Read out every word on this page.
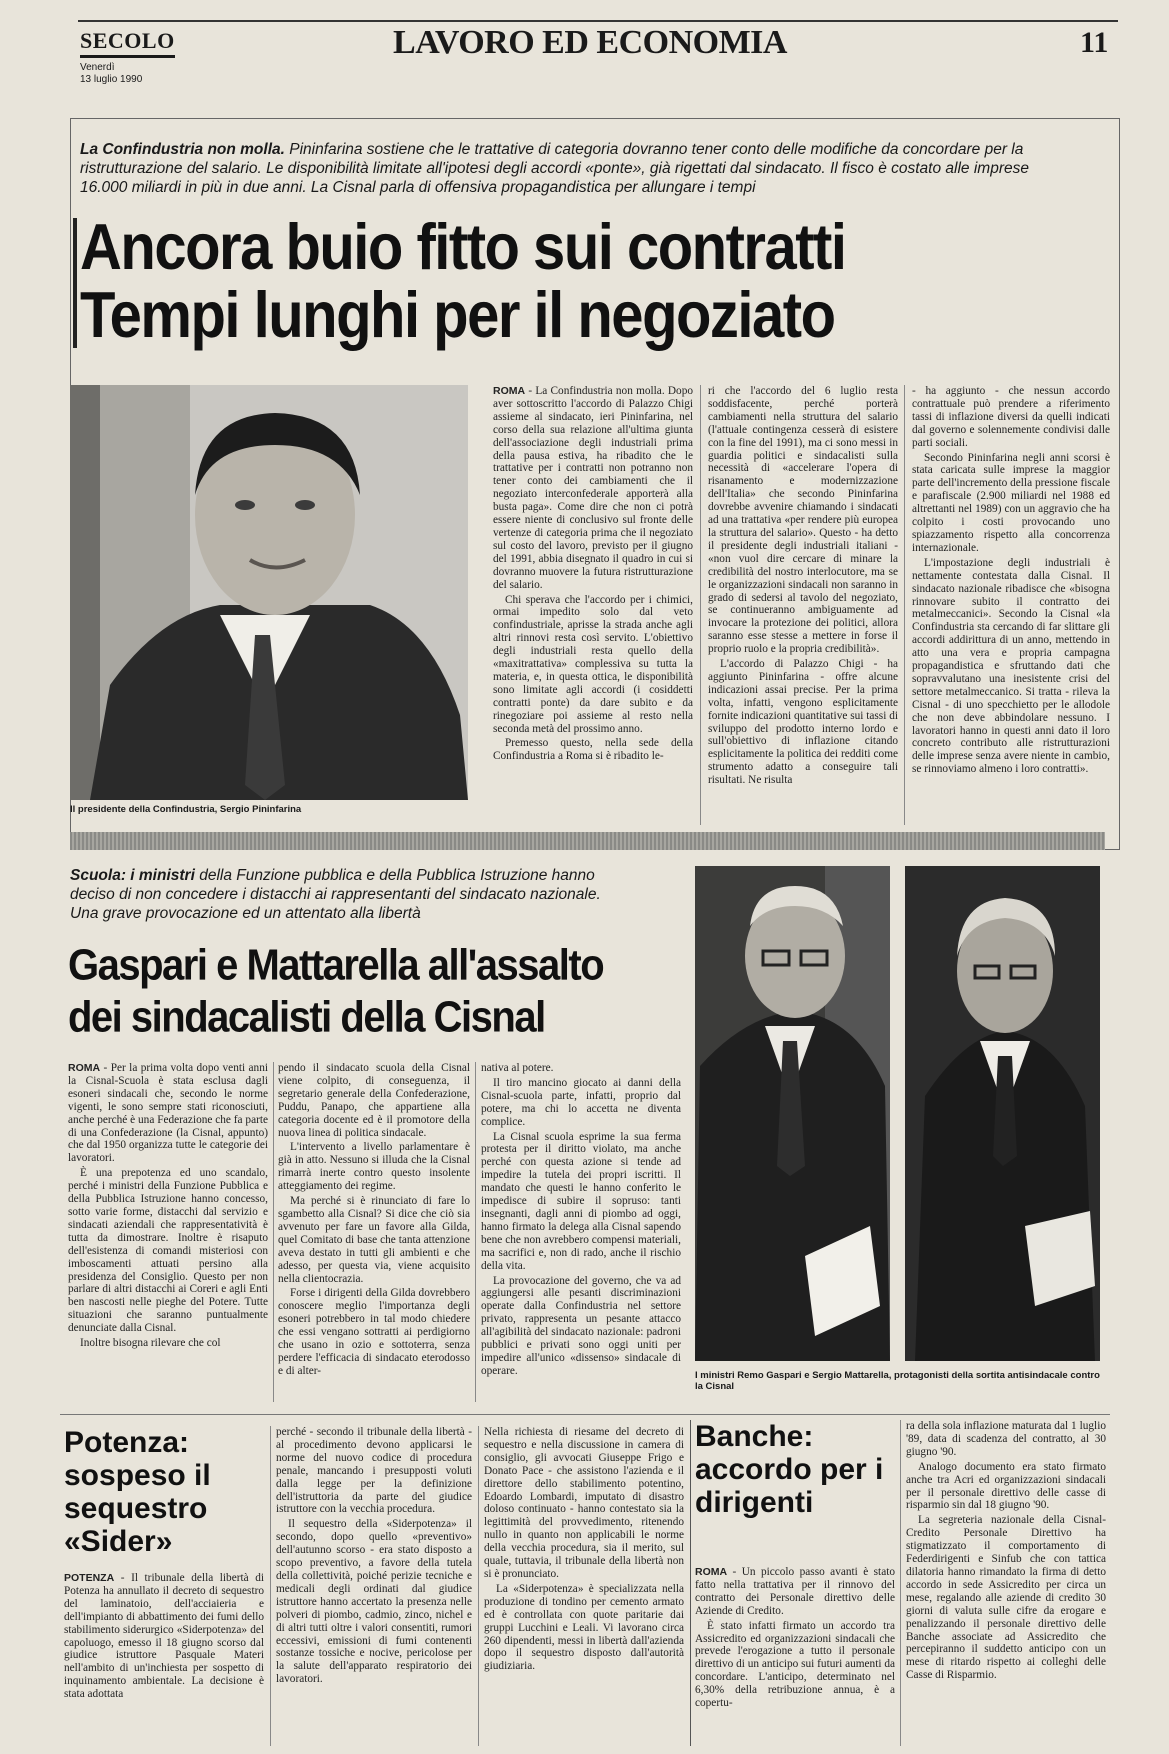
SECOLO
Venerdì
13 luglio 1990
LAVORO ED ECONOMIA	11
La Confindustria non molla. Pininfarina sostiene che le trattative di categoria dovranno tener conto delle modifiche da concordare per la ristrutturazione del salario. Le disponibilità limitate all'ipotesi degli accordi «ponte», già rigettati dal sindacato. Il fisco è costato alle imprese 16.000 miliardi in più in due anni. La Cisnal parla di offensiva propagandistica per allungare i tempi
Ancora buio fitto sui contratti
Tempi lunghi per il negoziato
Il presidente della Confindustria, Sergio Pininfarina

ROMA - La Confindustria non molla. Dopo aver sottoscritto l'accordo di Palazzo Chigi assieme al sindacato, ieri Pininfarina, nel corso della sua relazione all'ultima giunta dell'associazione degli industriali prima della pausa estiva, ha ribadito che le trattative per i contratti non potranno non tener conto dei cambiamenti che il negoziato interconfederale apporterà alla busta paga». Come dire che non ci potrà essere niente di conclusivo sul fronte delle vertenze di categoria prima che il negoziato sul costo del lavoro, previsto per il giugno del 1991, abbia disegnato il quadro in cui si dovranno muovere la futura ristrutturazione del salario.

Chi sperava che l'accordo per i chimici, ormai impedito solo dal veto confindustriale, aprisse la strada anche agli altri rinnovi resta così servito. L'obiettivo degli industriali resta quello della «maxitrattativa» complessiva su tutta la materia, e, in questa ottica, le disponibilità sono limitate agli accordi (i cosiddetti contratti ponte) da dare subito e da rinegoziare poi assieme al resto nella seconda metà del prossimo anno.

Premesso questo, nella sede della Confindustria a Roma si è ribadito le-

ri che l'accordo del 6 luglio resta soddisfacente, perché porterà cambiamenti nella struttura del salario (l'attuale contingenza cesserà di esistere con la fine del 1991), ma ci sono messi in guardia politici e sindacalisti sulla necessità di «accelerare l'opera di risanamento e modernizzazione dell'Italia» che secondo Pininfarina dovrebbe avvenire chiamando i sindacati ad una trattativa «per rendere più europea la struttura del salario». Questo - ha detto il presidente degli industriali italiani - «non vuol dire cercare di minare la credibilità del nostro interlocutore, ma se le organizzazioni sindacali non saranno in grado di sedersi al tavolo del negoziato, se continueranno ambiguamente ad invocare la protezione dei politici, allora saranno esse stesse a mettere in forse il proprio ruolo e la propria credibilità».

L'accordo di Palazzo Chigi - ha aggiunto Pininfarina - offre alcune indicazioni assai precise. Per la prima volta, infatti, vengono esplicitamente fornite indicazioni quantitative sui tassi di sviluppo del prodotto interno lordo e sull'obiettivo di inflazione citando esplicitamente la politica dei redditi come strumento adatto a conseguire tali risultati. Ne risulta

- ha aggiunto - che nessun accordo contrattuale può prendere a riferimento tassi di inflazione diversi da quelli indicati dal governo e solennemente condivisi dalle parti sociali.

Secondo Pininfarina negli anni scorsi è stata caricata sulle imprese la maggior parte dell'incremento della pressione fiscale e parafiscale (2.900 miliardi nel 1988 ed altrettanti nel 1989) con un aggravio che ha colpito i costi provocando uno spiazzamento rispetto alla concorrenza internazionale.

L'impostazione degli industriali è nettamente contestata dalla Cisnal. Il sindacato nazionale ribadisce che «bisogna rinnovare subito il contratto dei metalmeccanici». Secondo la Cisnal «la Confindustria sta cercando di far slittare gli accordi addirittura di un anno, mettendo in atto una vera e propria campagna propagandistica e sfruttando dati che sopravvalutano una inesistente crisi del settore metalmeccanico. Si tratta - rileva la Cisnal - di uno specchietto per le allodole che non deve abbindolare nessuno. I lavoratori hanno in questi anni dato il loro concreto contributo alle ristrutturazioni delle imprese senza avere niente in cambio, se rinnoviamo almeno i loro contratti».

Scuola: i ministri della Funzione pubblica e della Pubblica Istruzione hanno deciso di non concedere i distacchi ai rappresentanti del sindacato nazionale. Una grave provocazione ed un attentato alla libertà
Gaspari e Mattarella all'assalto
dei sindacalisti della Cisnal

ROMA - Per la prima volta dopo venti anni la Cisnal-Scuola è stata esclusa dagli esoneri sindacali che, secondo le norme vigenti, le sono sempre stati riconosciuti, anche perché è una Federazione che fa parte di una Confederazione (la Cisnal, appunto) che dal 1950 organizza tutte le categorie dei lavoratori.

È una prepotenza ed uno scandalo, perché i ministri della Funzione Pubblica e della Pubblica Istruzione hanno concesso, sotto varie forme, distacchi dal servizio e sindacati aziendali che rappresentatività è tutta da dimostrare. Inoltre è risaputo dell'esistenza di comandi misteriosi con imboscamenti attuati persino alla presidenza del Consiglio. Questo per non parlare di altri distacchi ai Coreri e agli Enti ben nascosti nelle pieghe del Potere. Tutte situazioni che saranno puntualmente denunciate dalla Cisnal.

Inoltre bisogna rilevare che col

pendo il sindacato scuola della Cisnal viene colpito, di conseguenza, il segretario generale della Confederazione, Puddu, Panapo, che appartiene alla categoria docente ed è il promotore della nuova linea di politica sindacale.

L'intervento a livello parlamentare è già in atto. Nessuno si illuda che la Cisnal rimarrà inerte contro questo insolente atteggiamento dei regime.

Ma perché si è rinunciato di fare lo sgambetto alla Cisnal? Si dice che ciò sia avvenuto per fare un favore alla Gilda, quel Comitato di base che tanta attenzione aveva destato in tutti gli ambienti e che adesso, per questa via, viene acquisito nella clientocrazia.

Forse i dirigenti della Gilda dovrebbero conoscere meglio l'importanza degli esoneri potrebbero in tal modo chiedere che essi vengano sottratti ai perdigiorno che usano in ozio e sottoterra, senza perdere l'efficacia di sindacato eterodosso e di alter-

nativa al potere.

Il tiro mancino giocato ai danni della Cisnal-scuola parte, infatti, proprio dal potere, ma chi lo accetta ne diventa complice.

La Cisnal scuola esprime la sua ferma protesta per il diritto violato, ma anche perché con questa azione si tende ad impedire la tutela dei propri iscritti. Il mandato che questi le hanno conferito le impedisce di subire il sopruso: tanti insegnanti, dagli anni di piombo ad oggi, hanno firmato la delega alla Cisnal sapendo bene che non avrebbero compensi materiali, ma sacrifici e, non di rado, anche il rischio della vita.

La provocazione del governo, che va ad aggiungersi alle pesanti discriminazioni operate dalla Confindustria nel settore privato, rappresenta un pesante attacco all'agibilità del sindacato nazionale: padroni pubblici e privati sono oggi uniti per impedire all'unico «dissenso» sindacale di operare.	I ministri Remo Gaspari e Sergio Mattarella, protagonisti della sortita antisindacale contro la Cisnal
Potenza: sospeso il sequestro «Sider»

POTENZA - Il tribunale della libertà di Potenza ha annullato il decreto di sequestro del laminatoio, dell'acciaieria e dell'impianto di abbattimento dei fumi dello stabilimento siderurgico «Siderpotenza» del capoluogo, emesso il 18 giugno scorso dal giudice istruttore Pasquale Materi nell'ambito di un'inchiesta per sospetto di inquinamento ambientale. La decisione è stata adottata

perché - secondo il tribunale della libertà - al procedimento devono applicarsi le norme del nuovo codice di procedura penale, mancando i presupposti voluti dalla legge per la definizione dell'istruttoria da parte del giudice istruttore con la vecchia procedura.

Il sequestro della «Siderpotenza» il secondo, dopo quello «preventivo» dell'autunno scorso - era stato disposto a scopo preventivo, a favore della tutela della collettività, poiché perizie tecniche e medicali degli ordinati dal giudice istruttore hanno accertato la presenza nelle polveri di piombo, cadmio, zinco, nichel e di altri tutti oltre i valori consentiti, rumori eccessivi, emissioni di fumi contenenti sostanze tossiche e nocive, pericolose per la salute dell'apparato respiratorio dei lavoratori.

Nella richiesta di riesame del decreto di sequestro e nella discussione in camera di consiglio, gli avvocati Giuseppe Frigo e Donato Pace - che assistono l'azienda e il direttore dello stabilimento potentino, Edoardo Lombardi, imputato di disastro doloso continuato - hanno contestato sia la legittimità del provvedimento, ritenendo nullo in quanto non applicabili le norme della vecchia procedura, sia il merito, sul quale, tuttavia, il tribunale della libertà non si è pronunciato.

La «Siderpotenza» è specializzata nella produzione di tondino per cemento armato ed è controllata con quote paritarie dai gruppi Lucchini e Leali. Vi lavorano circa 260 dipendenti, messi in libertà dall'azienda dopo il sequestro disposto dall'autorità giudiziaria.

Banche: accordo per i dirigenti

ROMA - Un piccolo passo avanti è stato fatto nella trattativa per il rinnovo del contratto dei Personale direttivo delle Aziende di Credito.

È stato infatti firmato un accordo tra Assicredito ed organizzazioni sindacali che prevede l'erogazione a tutto il personale direttivo di un anticipo sui futuri aumenti da concordare. L'anticipo, determinato nel 6,30% della retribuzione annua, è a copertu-

ra della sola inflazione maturata dal 1 luglio '89, data di scadenza del contratto, al 30 giugno '90.

Analogo documento era stato firmato anche tra Acri ed organizzazioni sindacali per il personale direttivo delle casse di risparmio sin dal 18 giugno '90.

La segreteria nazionale della Cisnal-Credito Personale Direttivo ha stigmatizzato il comportamento di Federdirigenti e Sinfub che con tattica dilatoria hanno rimandato la firma di detto accordo in sede Assicredito per circa un mese, regalando alle aziende di credito 30 giorni di valuta sulle cifre da erogare e penalizzando il personale direttivo delle Banche associate ad Assicredito che percepiranno il suddetto anticipo con un mese di ritardo rispetto ai colleghi delle Casse di Risparmio.
